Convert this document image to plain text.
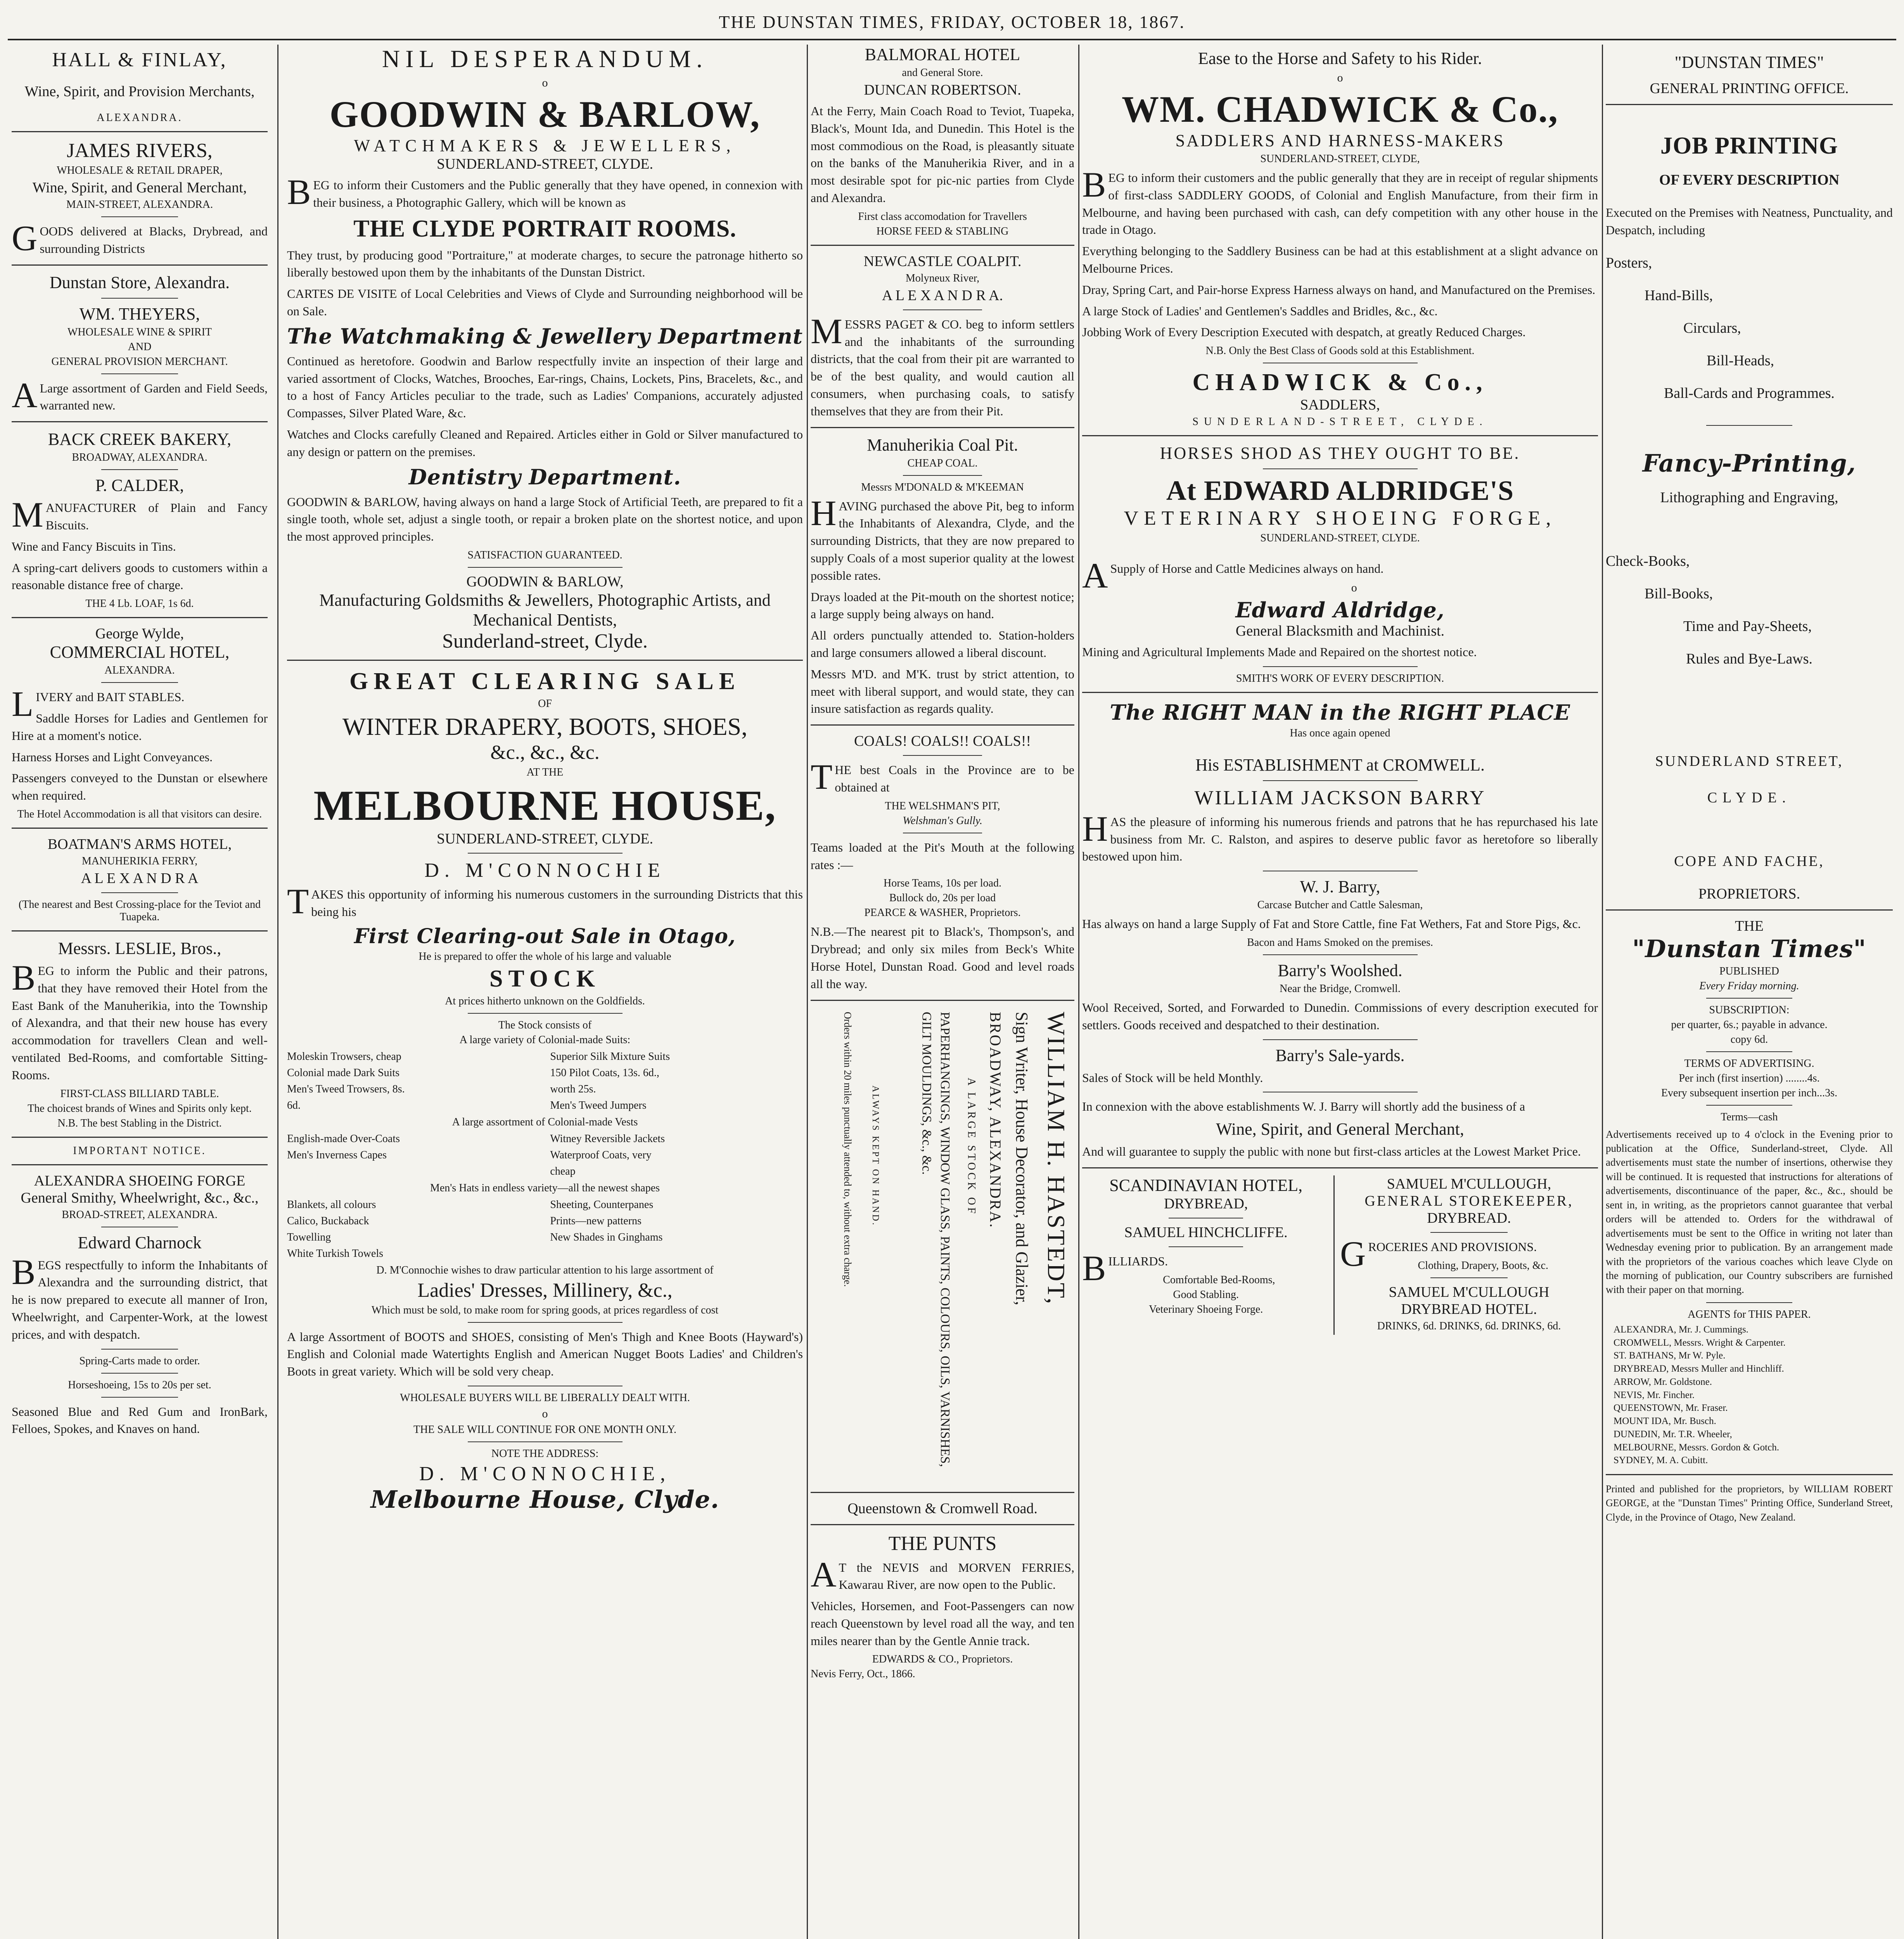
THE DUNSTAN TIMES, FRIDAY, OCTOBER 18, 1867.
HALL & FINLAY,
Wine, Spirit, and Provision Merchants,
ALEXANDRA.
JAMES RIVERS,
WHOLESALE & RETAIL DRAPER,
Wine, Spirit, and General Merchant,
MAIN-STREET, ALEXANDRA.
GOODS delivered at Blacks, Drybread, and surrounding Districts
Dunstan Store, Alexandra.
WM. THEYERS,
WHOLESALE WINE & SPIRIT
AND
GENERAL PROVISION MERCHANT.
ALarge assortment of Garden and Field Seeds, warranted new.
BACK CREEK BAKERY,
BROADWAY, ALEXANDRA.
P. CALDER,
MANUFACTURER of Plain and Fancy Biscuits.
Wine and Fancy Biscuits in Tins.
A spring-cart delivers goods to customers within a reasonable distance free of charge.
THE 4 Lb. LOAF, 1s 6d.
George Wylde,
COMMERCIAL HOTEL,
ALEXANDRA.
LIVERY and BAIT STABLES.
Saddle Horses for Ladies and Gentlemen for Hire at a moment's notice.
Harness Horses and Light Conveyances.
Passengers conveyed to the Dunstan or elsewhere when required.
The Hotel Accommodation is all that visitors can desire.
BOATMAN'S ARMS HOTEL,
MANUHERIKIA FERRY,
A L E X A N D R A
(The nearest and Best Crossing-place for the Teviot and Tuapeka.
Messrs. LESLIE, Bros.,
BEG to inform the Public and their patrons, that they have removed their Hotel from the East Bank of the Manuherikia, into the Township of Alexandra, and that their new house has every accommodation for travellers Clean and well-ventilated Bed-Rooms, and comfortable Sitting-Rooms.
FIRST-CLASS BILLIARD TABLE.
The choicest brands of Wines and Spirits only kept.
N.B. The best Stabling in the District.
IMPORTANT NOTICE.
ALEXANDRA SHOEING FORGE
General Smithy, Wheelwright, &c., &c.,
BROAD-STREET, ALEXANDRA.
Edward Charnock
BEGS respectfully to inform the Inhabitants of Alexandra and the surrounding district, that he is now prepared to execute all manner of Iron, Wheelwright, and Carpenter-Work, at the lowest prices, and with despatch.
Spring-Carts made to order.
Horseshoeing, 15s to 20s per set.
Seasoned Blue and Red Gum and IronBark, Felloes, Spokes, and Knaves on hand.
NIL DESPERANDUM.
o
GOODWIN & BARLOW,
WATCHMAKERS & JEWELLERS,
SUNDERLAND-STREET, CLYDE.
BEG to inform their Customers and the Public generally that they have opened, in connexion with their business, a Photographic Gallery, which will be known as
THE CLYDE PORTRAIT ROOMS.
They trust, by producing good "Portraiture," at moderate charges, to secure the patronage hitherto so liberally bestowed upon them by the inhabitants of the Dunstan District.
CARTES DE VISITE of Local Celebrities and Views of Clyde and Surrounding neighborhood will be on Sale.
The Watchmaking & Jewellery Department
Continued as heretofore. Goodwin and Barlow respectfully invite an inspection of their large and varied assortment of Clocks, Watches, Brooches, Ear-rings, Chains, Lockets, Pins, Bracelets, &c., and to a host of Fancy Articles peculiar to the trade, such as Ladies' Companions, accurately adjusted Compasses, Silver Plated Ware, &c.
Watches and Clocks carefully Cleaned and Repaired. Articles either in Gold or Silver manufactured to any design or pattern on the premises.
Dentistry Department.
GOODWIN & BARLOW, having always on hand a large Stock of Artificial Teeth, are prepared to fit a single tooth, whole set, adjust a single tooth, or repair a broken plate on the shortest notice, and upon the most approved principles.
SATISFACTION GUARANTEED.
GOODWIN & BARLOW,
Manufacturing Goldsmiths & Jewellers, Photographic Artists, and Mechanical Dentists,
Sunderland-street, Clyde.
GREAT CLEARING SALE
OF
WINTER DRAPERY, BOOTS, SHOES,
&c., &c., &c.
AT THE
MELBOURNE HOUSE,
SUNDERLAND-STREET, CLYDE.
D. M'CONNOCHIE
TAKES this opportunity of informing his numerous customers in the surrounding Districts that this being his
First Clearing-out Sale in Otago,
He is prepared to offer the whole of his large and valuable
STOCK
At prices hitherto unknown on the Goldfields.
The Stock consists of
A large variety of Colonial-made Suits:
Moleskin Trowsers, cheap
Colonial made Dark Suits
Men's Tweed Trowsers, 8s. 6d.
Superior Silk Mixture Suits
150 Pilot Coats, 13s. 6d., worth 25s.
Men's Tweed Jumpers
A large assortment of Colonial-made Vests
English-made Over-Coats
Men's Inverness Capes
Witney Reversible Jackets
Waterproof Coats, very cheap
Men's Hats in endless variety—all the newest shapes
Blankets, all colours
Calico, Buckaback Towelling
White Turkish Towels
Sheeting, Counterpanes
Prints—new patterns
New Shades in Ginghams
D. M'Connochie wishes to draw particular attention to his large assortment of
Ladies' Dresses, Millinery, &c.,
Which must be sold, to make room for spring goods, at prices regardless of cost
A large Assortment of BOOTS and SHOES, consisting of Men's Thigh and Knee Boots (Hayward's) English and Colonial made Watertights English and American Nugget Boots Ladies' and Children's Boots in great variety. Which will be sold very cheap.
WHOLESALE BUYERS WILL BE LIBERALLY DEALT WITH.
o
THE SALE WILL CONTINUE FOR ONE MONTH ONLY.
NOTE THE ADDRESS:
D. M'CONNOCHIE,
Melbourne House, Clyde.
BALMORAL HOTEL
and General Store.
DUNCAN ROBERTSON.
At the Ferry, Main Coach Road to Teviot, Tuapeka, Black's, Mount Ida, and Dunedin. This Hotel is the most commodious on the Road, is pleasantly situate on the banks of the Manuherikia River, and in a most desirable spot for pic-nic parties from Clyde and Alexandra.
First class accomodation for Travellers
HORSE FEED & STABLING
NEWCASTLE COALPIT.
Molyneux River,
A L E X A N D R A.
MESSRS PAGET & CO. beg to inform settlers and the inhabitants of the surrounding districts, that the coal from their pit are warranted to be of the best quality, and would caution all consumers, when purchasing coals, to satisfy themselves that they are from their Pit.
Manuherikia Coal Pit.
CHEAP COAL.
Messrs M'DONALD & M'KEEMAN
HAVING purchased the above Pit, beg to inform the Inhabitants of Alexandra, Clyde, and the surrounding Districts, that they are now prepared to supply Coals of a most superior quality at the lowest possible rates.
Drays loaded at the Pit-mouth on the shortest notice; a large supply being always on hand.
All orders punctually attended to. Station-holders and large consumers allowed a liberal discount.
Messrs M'D. and M'K. trust by strict attention, to meet with liberal support, and would state, they can insure satisfaction as regards quality.
COALS! COALS!! COALS!!
THE best Coals in the Province are to be obtained at
THE WELSHMAN'S PIT,
Welshman's Gully.
Teams loaded at the Pit's Mouth at the following rates :—
Horse Teams, 10s per load.
Bullock do, 20s per load
PEARCE & WASHER, Proprietors.
N.B.—The nearest pit to Black's, Thompson's, and Drybread; and only six miles from Beck's White Horse Hotel, Dunstan Road. Good and level roads all the way.
WILLIAM H. HASTEDT,
Sign Writer, House Decorator, and Glazier,
BROADWAY, ALEXANDRA.
A LARGE STOCK OF
PAPERHANGINGS, WINDOW GLASS, PAINTS, COLOURS, OILS, VARNISHES, GILT MOULDINGS, &c., &c.
ALWAYS KEPT ON HAND.
Orders within 20 miles punctually attended to, without extra charge.
Queenstown & Cromwell Road.
THE PUNTS
AT the NEVIS and MORVEN FERRIES, Kawarau River, are now open to the Public.
Vehicles, Horsemen, and Foot-Passengers can now reach Queenstown by level road all the way, and ten miles nearer than by the Gentle Annie track.
EDWARDS & CO., Proprietors.
Nevis Ferry, Oct., 1866.
Ease to the Horse and Safety to his Rider.
o
WM. CHADWICK & Co.,
SADDLERS AND HARNESS-MAKERS
SUNDERLAND-STREET, CLYDE,
BEG to inform their customers and the public generally that they are in receipt of regular shipments of first-class SADDLERY GOODS, of Colonial and English Manufacture, from their firm in Melbourne, and having been purchased with cash, can defy competition with any other house in the trade in Otago.
Everything belonging to the Saddlery Business can be had at this establishment at a slight advance on Melbourne Prices.
Dray, Spring Cart, and Pair-horse Express Harness always on hand, and Manufactured on the Premises.
A large Stock of Ladies' and Gentlemen's Saddles and Bridles, &c., &c.
Jobbing Work of Every Description Executed with despatch, at greatly Reduced Charges.
N.B. Only the Best Class of Goods sold at this Establishment.
CHADWICK & Co.,
SADDLERS,
SUNDERLAND-STREET, CLYDE.
HORSES SHOD AS THEY OUGHT TO BE.
At EDWARD ALDRIDGE'S
VETERINARY SHOEING FORGE,
SUNDERLAND-STREET, CLYDE.
ASupply of Horse and Cattle Medicines always on hand.
o
Edward Aldridge,
General Blacksmith and Machinist.
Mining and Agricultural Implements Made and Repaired on the shortest notice.
SMITH'S WORK OF EVERY DESCRIPTION.
The RIGHT MAN in the RIGHT PLACE
Has once again opened
His ESTABLISHMENT at CROMWELL.
WILLIAM JACKSON BARRY
HAS the pleasure of informing his numerous friends and patrons that he has repurchased his late business from Mr. C. Ralston, and aspires to deserve public favor as heretofore so liberally bestowed upon him.
W. J. Barry,
Carcase Butcher and Cattle Salesman,
Has always on hand a large Supply of Fat and Store Cattle, fine Fat Wethers, Fat and Store Pigs, &c.
Bacon and Hams Smoked on the premises.
Barry's Woolshed.
Near the Bridge, Cromwell.
Wool Received, Sorted, and Forwarded to Dunedin. Commissions of every description executed for settlers. Goods received and despatched to their destination.
Barry's Sale-yards.
Sales of Stock will be held Monthly.
In connexion with the above establishments W. J. Barry will shortly add the business of a
Wine, Spirit, and General Merchant,
And will guarantee to supply the public with none but first-class articles at the Lowest Market Price.
SCANDINAVIAN HOTEL,
DRYBREAD,
SAMUEL HINCHCLIFFE.
BILLIARDS.
Comfortable Bed-Rooms,
Good Stabling.
Veterinary Shoeing Forge.
SAMUEL M'CULLOUGH,
GENERAL STOREKEEPER,
DRYBREAD.
GROCERIES AND PROVISIONS.
Clothing, Drapery, Boots, &c.
SAMUEL M'CULLOUGH
DRYBREAD HOTEL.
DRINKS, 6d. DRINKS, 6d. DRINKS, 6d.
"DUNSTAN TIMES"
GENERAL PRINTING OFFICE.
JOB PRINTING
OF EVERY DESCRIPTION
Executed on the Premises with Neatness, Punctuality, and Despatch, including
Posters,
Hand-Bills,
Circulars,
Bill-Heads,
Ball-Cards and Programmes.
Fancy-Printing,
Lithographing and Engraving,
Check-Books,
Bill-Books,
Time and Pay-Sheets,
Rules and Bye-Laws.
SUNDERLAND STREET,
CLYDE.
COPE AND FACHE,
PROPRIETORS.
THE
"Dunstan Times"
PUBLISHED
Every Friday morning.
SUBSCRIPTION:
per quarter, 6s.; payable in advance.
copy 6d.
TERMS OF ADVERTISING.
Per inch (first insertion) ........4s.
Every subsequent insertion per inch...3s.
Terms—cash
Advertisements received up to 4 o'clock in the Evening prior to publication at the Office, Sunderland-street, Clyde. All advertisements must state the number of insertions, otherwise they will be continued. It is requested that instructions for alterations of advertisements, discontinuance of the paper, &c., &c., should be sent in, in writing, as the proprietors cannot guarantee that verbal orders will be attended to. Orders for the withdrawal of advertisements must be sent to the Office in writing not later than Wednesday evening prior to publication. By an arrangement made with the proprietors of the various coaches which leave Clyde on the morning of publication, our Country subscribers are furnished with their paper on that morning.
AGENTS for THIS PAPER.
ALEXANDRA, Mr. J. Cummings.
CROMWELL, Messrs. Wright & Carpenter.
ST. BATHANS, Mr W. Pyle.
DRYBREAD, Messrs Muller and Hinchliff.
ARROW, Mr. Goldstone.
NEVIS, Mr. Fincher.
QUEENSTOWN, Mr. Fraser.
MOUNT IDA, Mr. Busch.
DUNEDIN, Mr. T.R. Wheeler,
MELBOURNE, Messrs. Gordon & Gotch.
SYDNEY, M. A. Cubitt.
Printed and published for the proprietors, by WILLIAM ROBERT GEORGE, at the "Dunstan Times" Printing Office, Sunderland Street, Clyde, in the Province of Otago, New Zealand.
